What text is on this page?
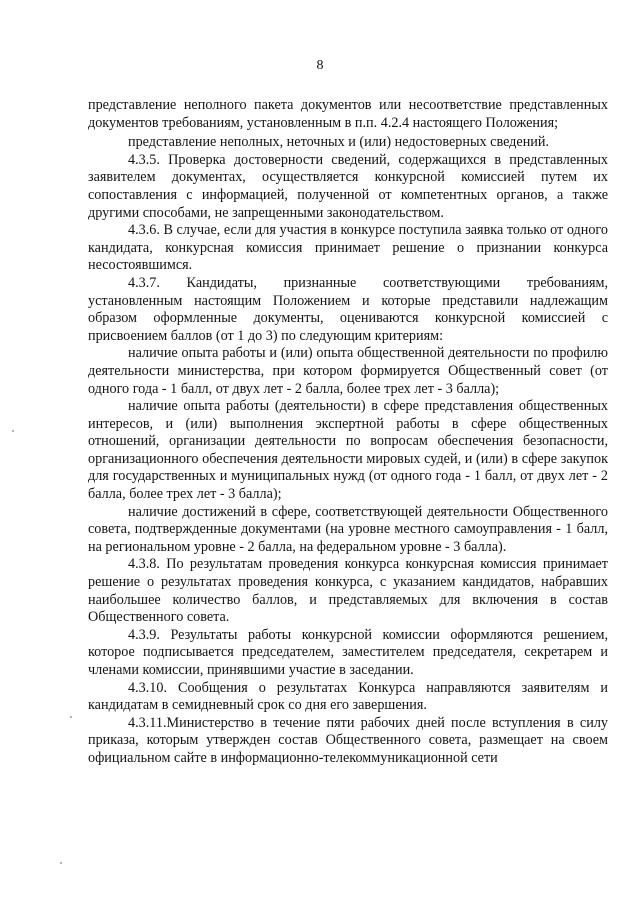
8

представление неполного пакета документов или несоответствие представленных документов требованиям, установленным в п.п. 4.2.4 настоящего Положения;

представление неполных, неточных и (или) недостоверных сведений.

4.3.5. Проверка достоверности сведений, содержащихся в представленных заявителем документах, осуществляется конкурсной комиссией путем их сопоставления с информацией, полученной от компетентных органов, а также другими способами, не запрещенными законодательством.

4.3.6. В случае, если для участия в конкурсе поступила заявка только от одного кандидата, конкурсная комиссия принимает решение о признании конкурса несостоявшимся.

4.3.7. Кандидаты, признанные соответствующими требованиям, установленным настоящим Положением и которые представили надлежащим образом оформленные документы, оцениваются конкурсной комиссией с присвоением баллов (от 1 до 3) по следующим критериям:

наличие опыта работы и (или) опыта общественной деятельности по профилю деятельности министерства, при котором формируется Общественный совет (от одного года - 1 балл, от двух лет - 2 балла, более трех лет - 3 балла);

наличие опыта работы (деятельности) в сфере представления общественных интересов, и (или) выполнения экспертной работы в сфере общественных отношений, организации деятельности по вопросам обеспечения безопасности, организационного обеспечения деятельности мировых судей, и (или) в сфере закупок для государственных и муниципальных нужд (от одного года - 1 балл, от двух лет - 2 балла, более трех лет - 3 балла);

наличие достижений в сфере, соответствующей деятельности Общественного совета, подтвержденные документами (на уровне местного самоуправления - 1 балл, на региональном уровне - 2 балла, на федеральном уровне - 3 балла).

4.3.8. По результатам проведения конкурса конкурсная комиссия принимает решение о результатах проведения конкурса, с указанием кандидатов, набравших наибольшее количество баллов, и представляемых для включения в состав Общественного совета.

4.3.9. Результаты работы конкурсной комиссии оформляются решением, которое подписывается председателем, заместителем председателя, секретарем и членами комиссии, принявшими участие в заседании.

4.3.10. Сообщения о результатах Конкурса направляются заявителям и кандидатам в семидневный срок со дня его завершения.

4.3.11.Министерство в течение пяти рабочих дней после вступления в силу приказа, которым утвержден состав Общественного совета, размещает на своем официальном сайте в информационно-телекоммуникационной сети
